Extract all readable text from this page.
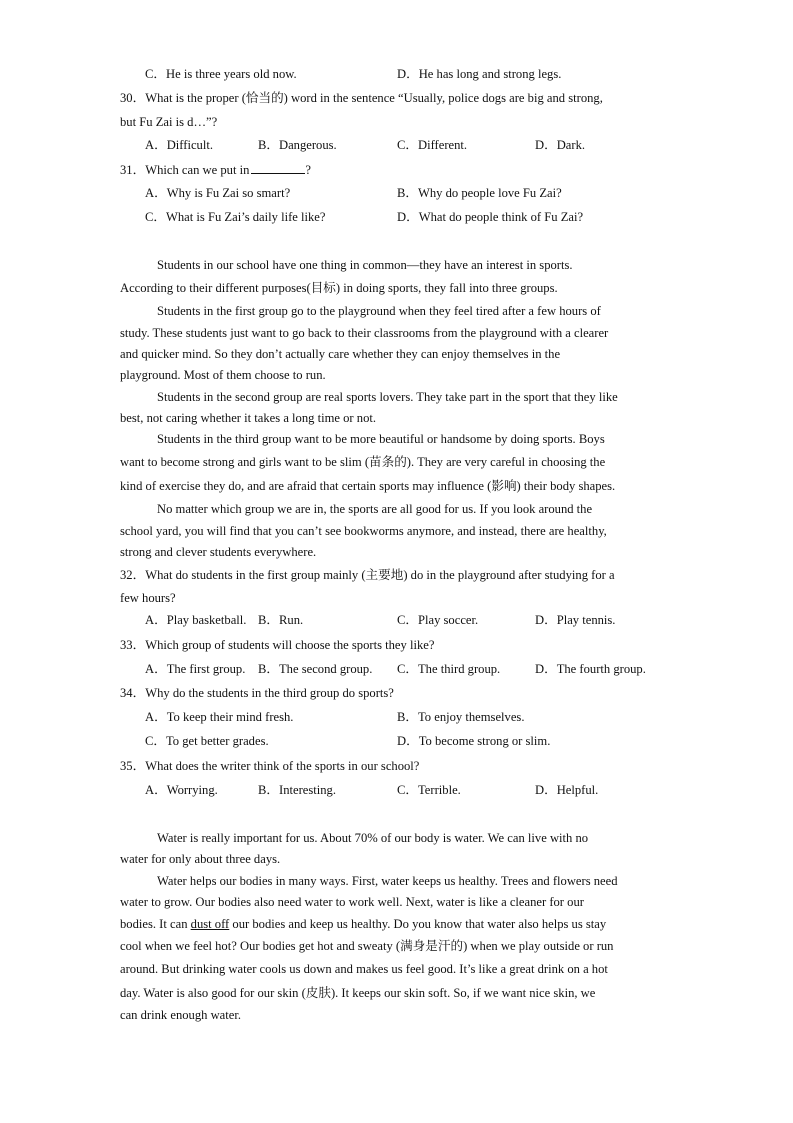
C．He is three years old now.	D．He has long and strong legs.
30．What is the proper (恰当的) word in the sentence “Usually, police dogs are big and strong,
but Fu Zai is d…”?
A．Difficult.	B．Dangerous.	C．Different.	D．Dark.
31．Which can we put in	?
A．Why is Fu Zai so smart?	B．Why do people love Fu Zai?
C．What is Fu Zai’s daily life like?	D．What do people think of Fu Zai?
Students in our school have one thing in common—they have an interest in sports.
According to their different purposes(目标) in doing sports, they fall into three groups.
Students in the first group go to the playground when they feel tired after a few hours of
study. These students just want to go back to their classrooms from the playground with a clearer
and quicker mind. So they don’t actually care whether they can enjoy themselves in the
playground. Most of them choose to run.
Students in the second group are real sports lovers. They take part in the sport that they like
best, not caring whether it takes a long time or not.
Students in the third group want to be more beautiful or handsome by doing sports. Boys
want to become strong and girls want to be slim (苗条的). They are very careful in choosing the
kind of exercise they do, and are afraid that certain sports may influence (影响) their body shapes.
No matter which group we are in, the sports are all good for us. If you look around the
school yard, you will find that you can’t see bookworms anymore, and instead, there are healthy,
strong and clever students everywhere.
32．What do students in the first group mainly (主要地) do in the playground after studying for a
few hours?
A．Play basketball. B．Run.	C．Play soccer.	D．Play tennis.
33．Which group of students will choose the sports they like?
A．The first group. B．The second group. C．The third group.	D．The fourth group.
34．Why do the students in the third group do sports?
A．To keep their mind fresh.	B．To enjoy themselves.
C．To get better grades.	D．To become strong or slim.
35．What does the writer think of the sports in our school?
A．Worrying.	B．Interesting.	C．Terrible.	D．Helpful.
Water is really important for us. About 70% of our body is water. We can live with no
water for only about three days.
Water helps our bodies in many ways. First, water keeps us healthy. Trees and flowers need
water to grow. Our bodies also need water to work well. Next, water is like a cleaner for our
bodies. It can dust off our bodies and keep us healthy. Do you know that water also helps us stay
cool when we feel hot? Our bodies get hot and sweaty (满身是汗的) when we play outside or run
around. But drinking water cools us down and makes us feel good. It’s like a great drink on a hot
day. Water is also good for our skin (皮肤). It keeps our skin soft. So, if we want nice skin, we
can drink enough water.
